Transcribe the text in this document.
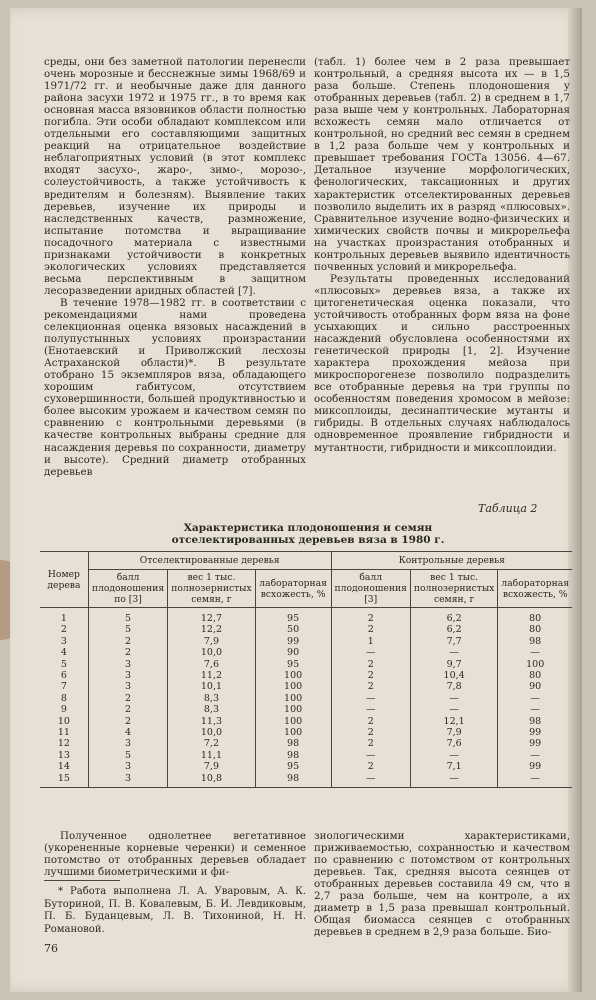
среды, они без заметной патологии перенесли очень морозные и бесснежные зимы 1968/69 и 1971/72 гг. и необычные даже для данного района засухи 1972 и 1975 гг., в то время как основная масса вязовников области полностью погибла. Эти особи обладают комплексом или отдельными его составляющими защитных реакций на отрицательное воздействие неблагоприятных условий (в этот комплекс входят засухо-, жаро-, зимо-, морозо-, солеустойчивость, а также устойчивость к вредителям и болезням). Выявление таких деревьев, изучение их природы и наследственных качеств, размножение, испытание потомства и выращивание посадочного материала с известными признаками устойчивости в конкретных экологических условиях представляется весьма перспективным в защитном лесоразведении аридных областей [7].

В течение 1978—1982 гг. в соответствии с рекомендациями нами проведена селекционная оценка вязовых насаждений в полупустынных условиях произрастании (Енотаевский и Приволжский лесхозы Астраханской области)*. В результате отобрано 15 экземпляров вяза, обладающего хорошим габитусом, отсутствием суховершинности, большей продуктивностью и более высоким урожаем и качеством семян по сравнению с контрольными деревьями (в качестве контрольных выбраны средние для насаждения деревья по сохранности, диаметру и высоте). Средний диаметр отобранных деревьев

(табл. 1) более чем в 2 раза превышает контрольный, а средняя высота их — в 1,5 раза больше. Степень плодоношения у отобранных деревьев (табл. 2) в среднем в 1,7 раза выше чем у контрольных. Лабораторная всхожесть семян мало отличается от контрольной, но средний вес семян в среднем в 1,2 раза больше чем у контрольных и превышает требования ГОСТа 13056. 4—67. Детальное изучение морфологических, фенологических, таксационных и других характеристик отселектированных деревьев позволило выделить их в разряд «плюсовых». Сравнительное изучение водно-физических и химических свойств почвы и микрорельефа на участках произрастания отобранных и контрольных деревьев выявило идентичность почвенных условий и микрорельефа.

Результаты проведенных исследований «плюсовых» деревьев вяза, а также их цитогенетическая оценка показали, что устойчивость отобранных форм вяза на фоне усыхающих и сильно расстроенных насаждений обусловлена особенностями их генетической природы [1, 2]. Изучение характера прохождения мейоза при микроспорогенезе позволило подразделить все отобранные деревья на три группы по особенностям поведения хромосом в мейозе: миксоплоиды, десинаптические мутанты и гибриды. В отдельных случаях наблюдалось одновременное проявление гибридности и мутантности, гибридности и миксоплоидии.

Таблица 2
Характеристика плодоношения и семян
отселектированных деревьев вяза в 1980 г.
Номер дерева	Отселектированные деревья			Контрольные деревья		
	балл плодоношения по [3]	вес 1 тыс. полнозернистых семян, г	лабораторная всхожесть, %	балл плодоношения [3]	вес 1 тыс. полнозернистых семян, г	лабораторная всхожесть, %
1	5	12,7	95	2	6,2	80
2	5	12,2	50	2	6,2	80
3	2	7,9	99	1	7,7	98
4	2	10,0	90	—	—	—
5	3	7,6	95	2	9,7	100
6	3	11,2	100	2	10,4	80
7	3	10,1	100	2	7,8	90
8	2	8,3	100	—	—	—
9	2	8,3	100	—	—	—
10	2	11,3	100	2	12,1	98
11	4	10,0	100	2	7,9	99
12	3	7,2	98	2	7,6	99
13	5	11,1	98	—	—	—
14	3	7,9	95	2	7,1	99
15	3	10,8	98	—	—	—

Полученное однолетнее вегетативное (укорененные корневые черенки) и семенное потомство от отобранных деревьев обладает лучшими биометрическими и фи-

* Работа выполнена Л. А. Уваровым, А. К. Буториной, П. В. Ковалевым, Б. И. Левдиковым, П. Б. Буданцевым, Л. В. Тихониной, Н. Н. Романовой.

зиологическими характеристиками, приживаемостью, сохранностью и качеством по сравнению с потомством от контрольных деревьев. Так, средняя высота сеянцев от отобранных деревьев составила 49 см, что в 2,7 раза больше, чем на контроле, а их диаметр в 1,5 раза превышал контрольный. Общая биомасса сеянцев с отобранных деревьев в среднем в 2,9 раза больше. Био-

76
